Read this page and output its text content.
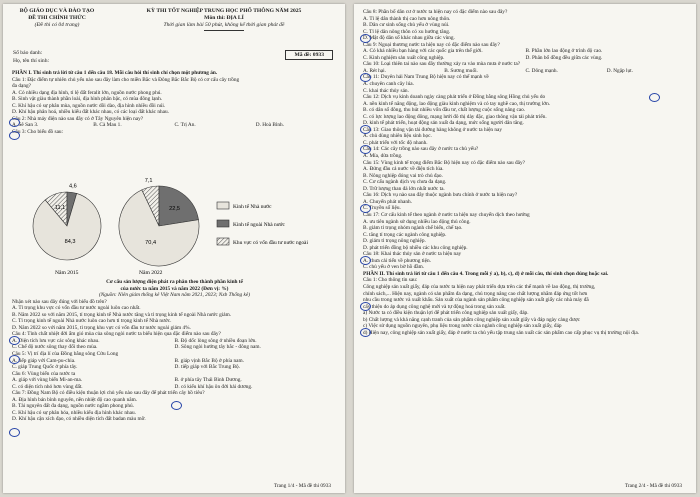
BỘ GIÁO DỤC VÀ ĐÀO TẠO
ĐỀ THI CHÍNH THỨC
(Đề thi có 04 trang)
KỲ THI TỐT NGHIỆP TRUNG HỌC PHỔ THÔNG NĂM 2025
Môn thi: ĐỊA LÍ
Thời gian làm bài 50 phút, không kể thời gian phát đề
Số báo danh:
Họ, tên thí sinh:
Mã đề: 0933

PHẦN I. Thí sinh trả lời từ câu 1 đến câu 18. Mỗi câu hỏi thí sinh chỉ chọn một phương án.

Câu 1: Đặc điểm tự nhiên chủ yếu nào sau đây làm cho miền Bắc và Đông Bắc Bắc Bộ có cơ cấu cây trồng

đa dạng?

A. Có nhiều dạng địa hình, tỉ lệ đất feralit lớn, nguồn nước phong phú.

B. Sinh vật giàu thành phần loài, địa hình phân bậc, có mùa đông lạnh.

C. Khí hậu có sự phân mùa, nguồn nước dồi dào, địa hình nhiều đồi núi.

D. Khí hậu phân hoá, nhiều kiểu đất khác nhau, có các loại đất khác nhau.

Câu 2: Nhà máy điện nào sau đây có ở Tây Nguyên hiện nay?

A. Sê San 3.	B. Cà Mau 1.	C. Trị An.	D. Hoà Bình.

Câu 3: Cho biểu đồ sau:

11,1
4,6
84,3
7,1
22,5
70,4
Năm 2015	Năm 2022
Kinh tế Nhà nước
Kinh tế ngoài Nhà nước
Khu vực có vốn đầu tư nước ngoài

Cơ cấu sản lượng điện phát ra phân theo thành phần kinh tế

của nước ta năm 2015 và năm 2022 (Đơn vị: %)

(Nguồn: Niên giám thống kê Việt Nam năm 2021, 2023; Nxb Thống kê)

Nhận xét nào sau đây đúng với biểu đồ trên?

A. Tỉ trọng khu vực có vốn đầu tư nước ngoài luôn cao nhất.

B. Năm 2022 so với năm 2015, tỉ trọng kinh tế Nhà nước tăng và tỉ trọng kinh tế ngoài Nhà nước giảm.

C. Tỉ trọng kinh tế ngoài Nhà nước luôn cao hơn tỉ trọng kinh tế Nhà nước.

D. Năm 2022 so với năm 2015, tỉ trọng khu vực có vốn đầu tư nước ngoài giảm 4%.

Câu 4: Tỉnh chất nhiệt đới ẩm gió mùa của sông ngòi nước ta biểu hiện qua đặc điểm nào sau đây?

A. Diện tích lưu vực các sông khác nhau.	B. Độ dốc lòng sông ở nhiều đoạn lớn.
C. Chế độ nước sông thay đổi theo mùa.	D. Sông ngòi hướng tây bắc - đông nam.

Câu 5: Vị trí địa lí của Đồng bằng sông Cửu Long

A. tiếp giáp với Cam-pu-chia.	B. giáp vịnh Bắc Bộ ở phía nam.
C. giáp Trung Quốc ở phía tây.	D. tiếp giáp với Bắc Trung Bộ.

Câu 6: Vùng biển của nước ta

A. giáp với vùng biển Mi-an-ma.	B. ở phía tây Thái Bình Dương.
C. có diện tích nhỏ hơn vùng đất.	D. có kiểu khí hậu ôn đới hải dương.

Câu 7: Đồng Nam Bộ có điều kiện thuận lợi chủ yếu nào sau đây để phát triển cây hồ tiêu?

A. Địa hình bán bình nguyên, nền nhiệt độ cao quanh năm.

B. Tài nguyên đất đa dạng, nguồn nước ngầm phong phú.

C. Khí hậu có sự phân hóa, nhiều kiểu địa hình khác nhau.

D. Khí hậu cận xích đạo, có nhiều diện tích đất badan màu mỡ.

Trang 1/4 - Mã đề thi 0933

Câu 8: Phần bố dân cư ở nước ta hiện nay có đặc điểm nào sau đây?

A. Tỉ lệ dân thành thị cao hơn nông thôn.

B. Dân cư sinh sống chủ yếu ở vùng núi.

C. Tỉ lệ dân nông thôn có xu hướng tăng.

D. Mật độ dân số khác nhau giữa các vùng.

Câu 9: Ngoại thương nước ta hiện nay có đặc điểm nào sau đây?

A. Có khá nhiều bạn hàng với các quốc gia trên thế giới.	B. Phần lớn lao động ở trình độ cao.
C. Kinh nghiệm sản xuất công nghiệp.	D. Phân bố đồng đều giữa các vùng.

Câu 10: Loại thiên tai nào sau đây thường xảy ra vào mùa mưa ở nước ta?

A. Rét hại.	B. Sương muối.	C. Dông mạnh.	D. Ngập lụt.

Câu 11: Duyên hải Nam Trung Bộ hiện nay có thế mạnh về

A. chuyên canh cây lúa.

C. khai thác thủy sản.

Câu 12: Dịch vụ kinh doanh ngày càng phát triển ở Đồng bằng sông Hồng chủ yếu do

A. nền kinh tế năng động, lao động giàu kinh nghiệm và có tay nghề cao, thị trường lớn.

B. có dân số đông, thu hút nhiều vốn đầu tư, chất lượng cuộc sống nâng cao.

C. có lực lượng lao động đông, mạng lưới đô thị dày đặc, giao thông vận tải phát triển.

D. kinh tế phát triển, hoạt động sản xuất đa dạng, mức sống người dân tăng.

Câu 13: Giao thông vận tải đường hàng không ở nước ta hiện nay

A. chủ dùng nhiên liệu sinh học.

C. phát triển với tốc độ nhanh.

Câu 14: Các cây trồng nào sau đây ở nước ta chủ yếu?

A. Mía, dừa trồng.

Câu 15: Vùng kinh tế trọng điểm Bắc Bộ hiện nay có đặc điểm nào sau đây?

A. Đứng đầu cả nước về điện tích lúa.

B. Nông nghiệp đóng vai trò chủ đạo.

C. Cơ cấu ngành dịch vụ chưa đa dạng.

D. Trữ lượng than đá lớn nhất nước ta.

Câu 16: Dịch vụ nào sau đây thuộc ngành bưu chính ở nước ta hiện nay?

A. Chuyển phát nhanh.

C. Truyền số liệu.

Câu 17: Cơ cấu kinh tế theo ngành ở nước ta hiện nay chuyển dịch theo hướng

A. ưu tiên ngành sử dụng nhiều lao động thủ công.

B. giảm tỉ trọng nhóm ngành chế biến, chế tạo.

C. tăng tỉ trọng các ngành công nghiệp.

D. giảm tỉ trọng nông nghiệp.

D. phát triển đồng bộ nhiều các khu công nghiệp.

Câu 18: Khai thác thủy sản ở nước ta hiện nay

A. chưa cải tiến về phương tiện.

C. chủ yếu ở ven bờ hồ đầm.

PHẦN II. Thí sinh trả lời từ câu 1 đến câu 4. Trong mỗi ý a), b), c), d) ở mỗi câu, thí sinh chọn đúng hoặc sai.

Câu 1: Cho thông tin sau:

Công nghiệp sản xuất giấy, đáp của nước ta hiện nay phát triển dựa trên các thế mạnh về lao động, thị trường,

chính sách,... Hiện nay, ngành có sản phẩm đa dạng, chú trọng nâng cao chất lượng nhằm đáp ứng tốt hơn

nhu cầu trong nước và xuất khẩu. Sản xuất của ngành sản phẩm công nghiệp sản xuất giấy các nhà máy đã

cấy thiện do áp dụng công nghệ mới và tự động hoá trong sản xuất.

a) Nước ta có điều kiện thuận lợi để phát triển công nghiệp sản xuất giấy, đáp.

b) Chất lượng và khả năng cạnh tranh của sản phẩm công nghiệp sản xuất giấy và đáp ngày càng được

c) Việc sử dụng nguồn nguyên, phụ liệu trong nước của ngành công nghiệp sản xuất giấy, đáp

d) Hiện nay, công nghiệp sản xuất giấy, đáp ở nước ta chủ yếu tập trung sản xuất các sản phẩm cao cấp phục vụ thị trường nội địa.

Trang 2/4 - Mã đề thi 0933
